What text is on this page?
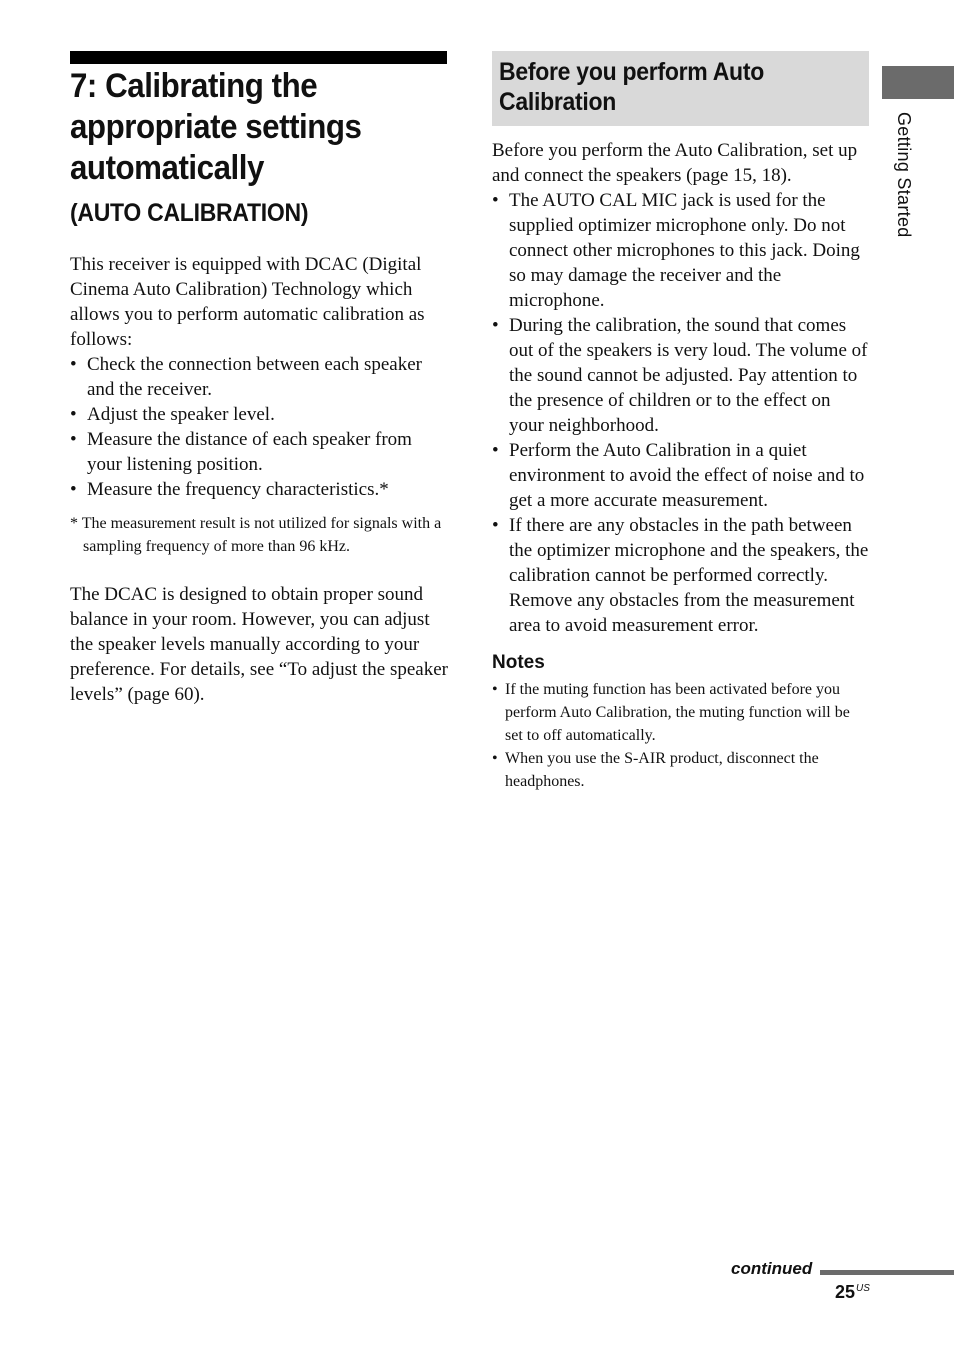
7: Calibrating the appropriate settings automatically
(AUTO CALIBRATION)

This receiver is equipped with DCAC (Digital Cinema Auto Calibration) Technology which allows you to perform automatic calibration as follows:

• Check the connection between each speaker and the receiver.
• Adjust the speaker level.
• Measure the distance of each speaker from your listening position.
• Measure the frequency characteristics.*

* The measurement result is not utilized for signals with a sampling frequency of more than 96 kHz.

The DCAC is designed to obtain proper sound balance in your room. However, you can adjust the speaker levels manually according to your preference. For details, see “To adjust the speaker levels” (page 60).

Before you perform Auto Calibration

Before you perform the Auto Calibration, set up and connect the speakers (page 15, 18).

• The AUTO CAL MIC jack is used for the supplied optimizer microphone only. Do not connect other microphones to this jack. Doing so may damage the receiver and the microphone.
• During the calibration, the sound that comes out of the speakers is very loud. The volume of the sound cannot be adjusted. Pay attention to the presence of children or to the effect on your neighborhood.
• Perform the Auto Calibration in a quiet environment to avoid the effect of noise and to get a more accurate measurement.
• If there are any obstacles in the path between the optimizer microphone and the speakers, the calibration cannot be performed correctly. Remove any obstacles from the measurement area to avoid measurement error.
Notes
• If the muting function has been activated before you perform Auto Calibration, the muting function will be set to off automatically.
• When you use the S-AIR product, disconnect the headphones.
Getting Started
continued
$25^{US}$
